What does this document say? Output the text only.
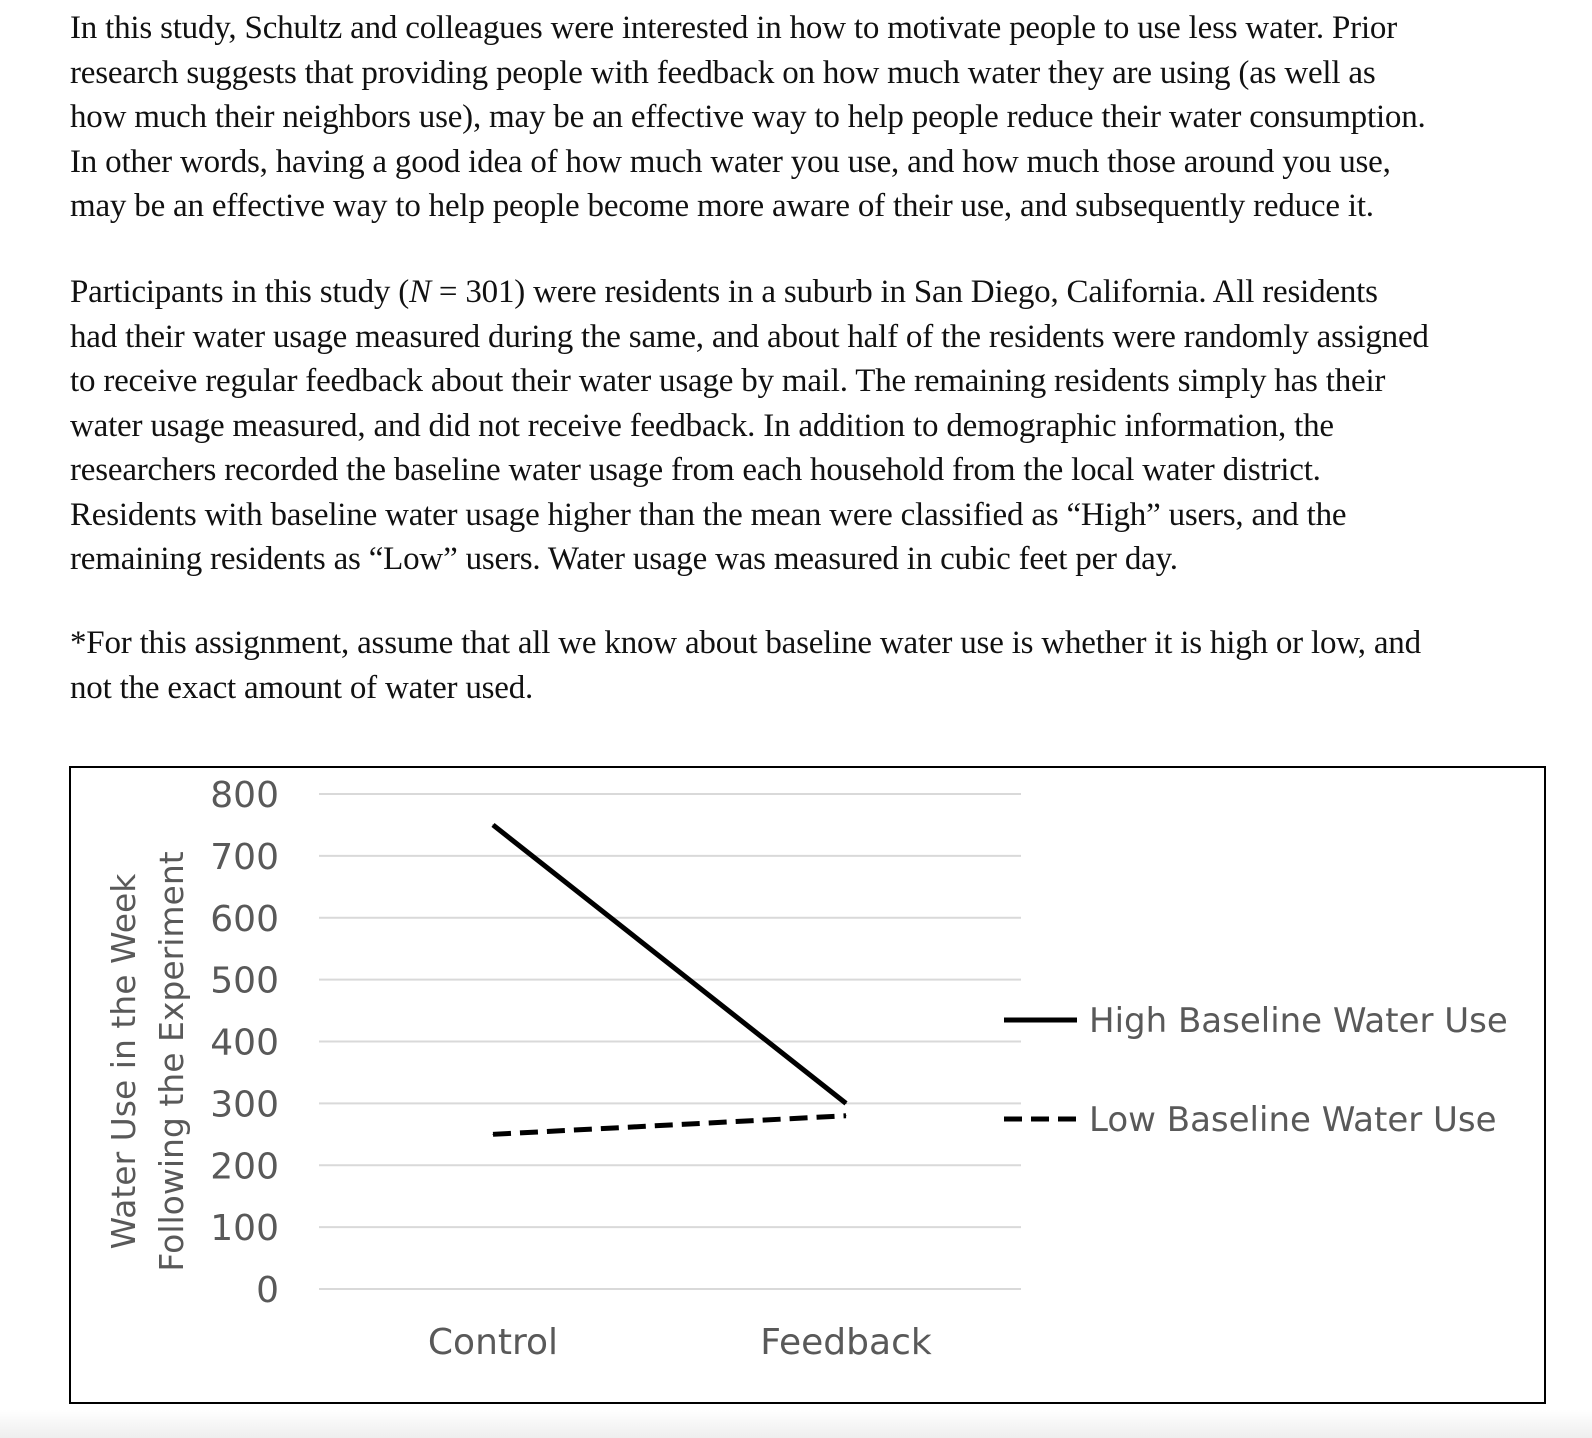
In this study, Schultz and colleagues were interested in how to motivate people to use less water. Prior
research suggests that providing people with feedback on how much water they are using (as well as
how much their neighbors use), may be an effective way to help people reduce their water consumption.
In other words, having a good idea of how much water you use, and how much those around you use,
may be an effective way to help people become more aware of their use, and subsequently reduce it.
Participants in this study (N = 301) were residents in a suburb in San Diego, California. All residents
had their water usage measured during the same, and about half of the residents were randomly assigned
to receive regular feedback about their water usage by mail. The remaining residents simply has their
water usage measured, and did not receive feedback. In addition to demographic information, the
researchers recorded the baseline water usage from each household from the local water district.
Residents with baseline water usage higher than the mean were classified as “High” users, and the
remaining residents as “Low” users. Water usage was measured in cubic feet per day.
*For this assignment, assume that all we know about baseline water use is whether it is high or low, and
not the exact amount of water used.
0
100
200
300
400
500
600
700
800
Control	Feedback
Water Use in the Week Following the Experiment	High Baseline Water Use
Low Baseline Water Use
